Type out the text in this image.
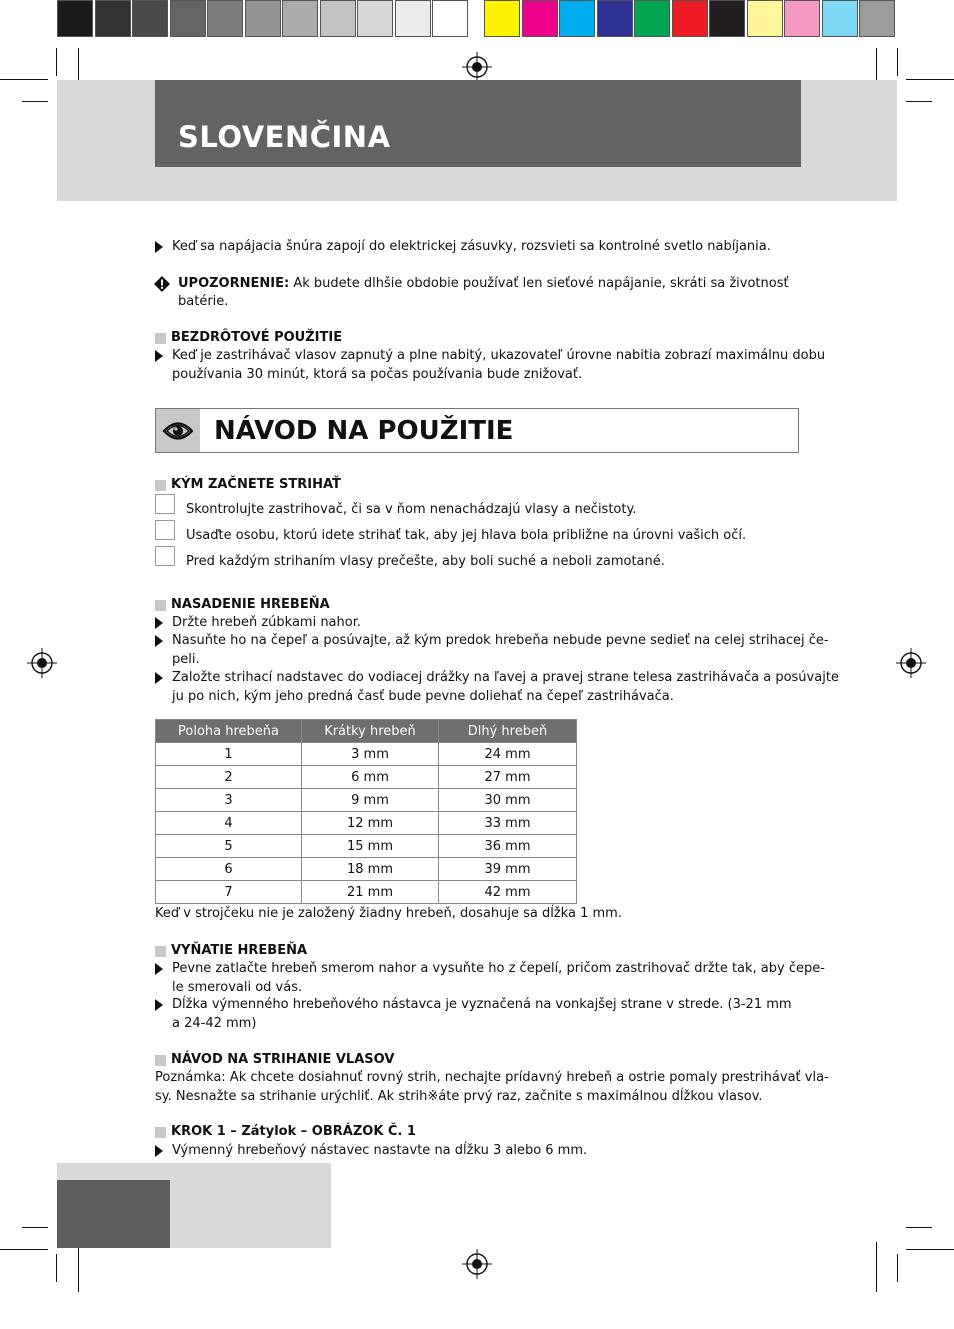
SLOVENČINA
Keď sa napájacia šnúra zapojí do elektrickej zásuvky, rozsvieti sa kontrolné svetlo nabíjania.
UPOZORNENIE: Ak budete dlhšie obdobie používať len sieťové napájanie, skráti sa životnosť
batérie.
BEZDRÔTOVÉ POUŽITIE
Keď je zastrihávač vlasov zapnutý a plne nabitý, ukazovateľ úrovne nabitia zobrazí maximálnu dobu
používania 30 minút, ktorá sa počas používania bude znižovať.
NÁVOD NA POUŽITIE
KÝM ZAČNETE STRIHAŤ
Skontrolujte zastrihovač, či sa v ňom nenachádzajú vlasy a nečistoty.
Usaďte osobu, ktorú idete strihať tak, aby jej hlava bola približne na úrovni vašich očí.
Pred každým strihaním vlasy prečešte, aby boli suché a neboli zamotané.
NASADENIE HREBEŇA
Držte hrebeň zúbkami nahor.
Nasuňte ho na čepeľ a posúvajte, až kým predok hrebeňa nebude pevne sedieť na celej strihacej če-
peli.
Založte strihací nadstavec do vodiacej drážky na ľavej a pravej strane telesa zastrihávača a posúvajte
ju po nich, kým jeho predná časť bude pevne doliehať na čepeľ zastrihávača.
Poloha hrebeňa	Krátky hrebeň	Dlhý hrebeň
1	3 mm	24 mm
2	6 mm	27 mm
3	9 mm	30 mm
4	12 mm	33 mm
5	15 mm	36 mm
6	18 mm	39 mm
7	21 mm	42 mm
Keď v strojčeku nie je založený žiadny hrebeň, dosahuje sa dĺžka 1 mm.
VYŇATIE HREBEŇA
Pevne zatlačte hrebeň smerom nahor a vysuňte ho z čepelí, pričom zastrihovač držte tak, aby čepe-
le smerovali od vás.
Dĺžka výmenného hrebeňového nástavca je vyznačená na vonkajšej strane v strede. (3-21 mm
a 24-42 mm)
NÁVOD NA STRIHANIE VLASOV
Poznámka: Ak chcete dosiahnuť rovný strih, nechajte prídavný hrebeň a ostrie pomaly prestrihávať vla-
sy. Nesnažte sa strihanie urýchliť. Ak strih※áte prvý raz, začnite s maximálnou dĺžkou vlasov.
KROK 1 – Zátylok – OBRÁZOK Č. 1
Výmenný hrebeňový nástavec nastavte na dĺžku 3 alebo 6 mm.
